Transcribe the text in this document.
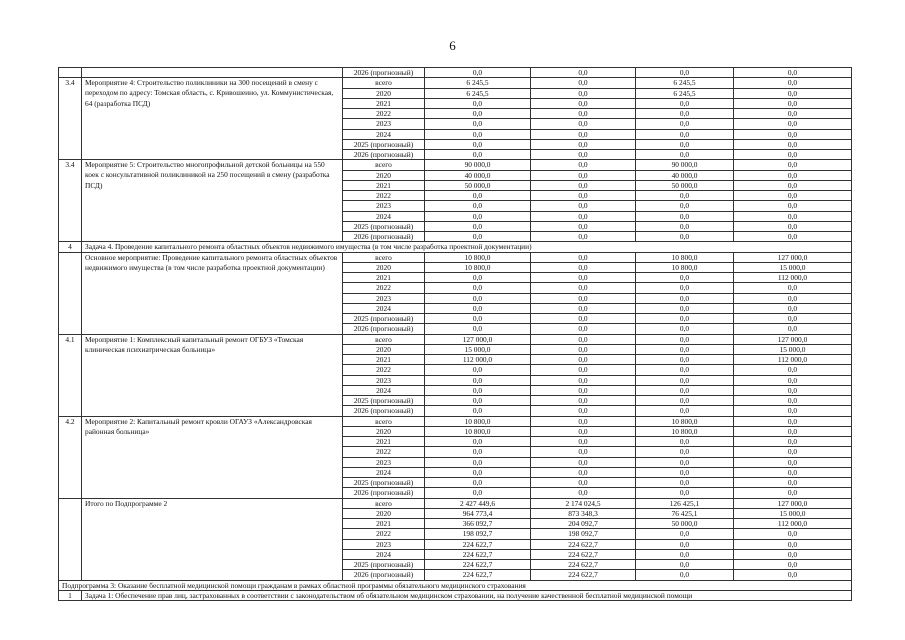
6
		2026 (прогнозный)	0,0	0,0	0,0	0,0
3.4	Мероприятие 4: Строительство поликлиники на 300 посещений в смену с переходом по адресу: Томская область, с. Кривошеино, ул. Коммунистическая, 64 (разработка ПСД)	всего	6 245,5	0,0	6 245,5	0,0
		2020	6 245,5	0,0	6 245,5	0,0
		2021	0,0	0,0	0,0	0,0
		2022	0,0	0,0	0,0	0,0
		2023	0,0	0,0	0,0	0,0
		2024	0,0	0,0	0,0	0,0
		2025 (прогнозный)	0,0	0,0	0,0	0,0
		2026 (прогнозный)	0,0	0,0	0,0	0,0
3.4	Мероприятие 5: Строительство многопрофильной детской больницы на 550 коек с консультативной поликлиникой на 250 посещений в смену (разработка ПСД)	всего	90 000,0	0,0	90 000,0	0,0
		2020	40 000,0	0,0	40 000,0	0,0
		2021	50 000,0	0,0	50 000,0	0,0
		2022	0,0	0,0	0,0	0,0
		2023	0,0	0,0	0,0	0,0
		2024	0,0	0,0	0,0	0,0
		2025 (прогнозный)	0,0	0,0	0,0	0,0
		2026 (прогнозный)	0,0	0,0	0,0	0,0
4	Задача 4. Проведение капитального ремонта областных объектов недвижимого имущества (в том числе разработка проектной документации)					
	Основное мероприятие: Проведение капитального ремонта областных объектов недвижимого имущества (в том числе разработка проектной документации)	всего	10 800,0	0,0	10 800,0	127 000,0
		2020	10 800,0	0,0	10 800,0	15 000,0
		2021	0,0	0,0	0,0	112 000,0
		2022	0,0	0,0	0,0	0,0
		2023	0,0	0,0	0,0	0,0
		2024	0,0	0,0	0,0	0,0
		2025 (прогнозный)	0,0	0,0	0,0	0,0
		2026 (прогнозный)	0,0	0,0	0,0	0,0
4.1	Мероприятие 1: Комплексный капитальный ремонт ОГБУЗ «Томская клиническая психиатрическая больница»	всего	127 000,0	0,0	0,0	127 000,0
		2020	15 000,0	0,0	0,0	15 000,0
		2021	112 000,0	0,0	0,0	112 000,0
		2022	0,0	0,0	0,0	0,0
		2023	0,0	0,0	0,0	0,0
		2024	0,0	0,0	0,0	0,0
		2025 (прогнозный)	0,0	0,0	0,0	0,0
		2026 (прогнозный)	0,0	0,0	0,0	0,0
4.2	Мероприятие 2: Капитальный ремонт кровли ОГАУЗ «Александровская районная больница»	всего	10 800,0	0,0	10 800,0	0,0
		2020	10 800,0	0,0	10 800,0	0,0
		2021	0,0	0,0	0,0	0,0
		2022	0,0	0,0	0,0	0,0
		2023	0,0	0,0	0,0	0,0
		2024	0,0	0,0	0,0	0,0
		2025 (прогнозный)	0,0	0,0	0,0	0,0
		2026 (прогнозный)	0,0	0,0	0,0	0,0
	Итого по Подпрограмме 2	всего	2 427 449,6	2 174 024,5	126 425,1	127 000,0
		2020	964 773,4	873 348,3	76 425,1	15 000,0
		2021	366 092,7	204 092,7	50 000,0	112 000,0
		2022	198 092,7	198 092,7	0,0	0,0
		2023	224 622,7	224 622,7	0,0	0,0
		2024	224 622,7	224 622,7	0,0	0,0
		2025 (прогнозный)	224 622,7	224 622,7	0,0	0,0
		2026 (прогнозный)	224 622,7	224 622,7	0,0	0,0
Подпрограмма 3: Оказание бесплатной медицинской помощи гражданам в рамках областной программы обязательного медицинского страхования						
1	Задача 1: Обеспечение прав лиц, застрахованных в соответствии с законодательством об обязательном медицинском страховании, на получение качественной бесплатной медицинской помощи					
